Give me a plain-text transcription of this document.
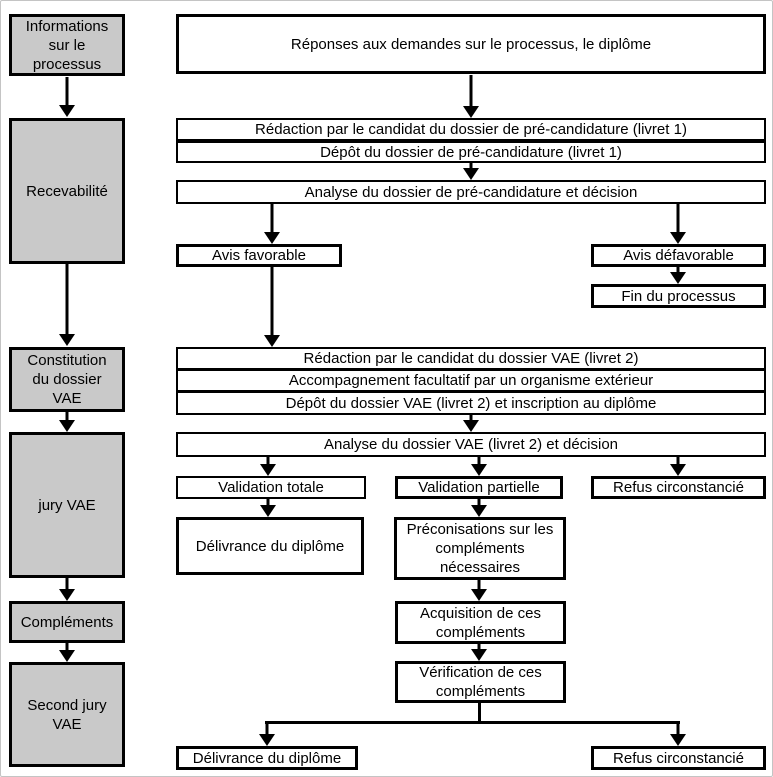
Informations sur le processus
Recevabilité
Constitution du dossier VAE
jury VAE
Compléments
Second jury VAE
Réponses aux demandes sur le processus, le diplôme
Rédaction par le candidat du dossier de pré-candidature (livret 1)
Dépôt du dossier de pré-candidature (livret 1)
Analyse du dossier de pré-candidature et décision
Avis favorable	Avis défavorable
Fin du processus
Rédaction par le candidat du dossier VAE (livret 2)
Accompagnement facultatif par un organisme extérieur
Dépôt du dossier VAE (livret 2) et inscription au diplôme
Analyse du dossier VAE (livret 2) et décision
Validation totale	Validation partielle	Refus circonstancié
Délivrance du diplôme
Préconisations sur les compléments nécessaires
Acquisition de ces compléments
Vérification de ces compléments
Délivrance du diplôme	Refus circonstancié
